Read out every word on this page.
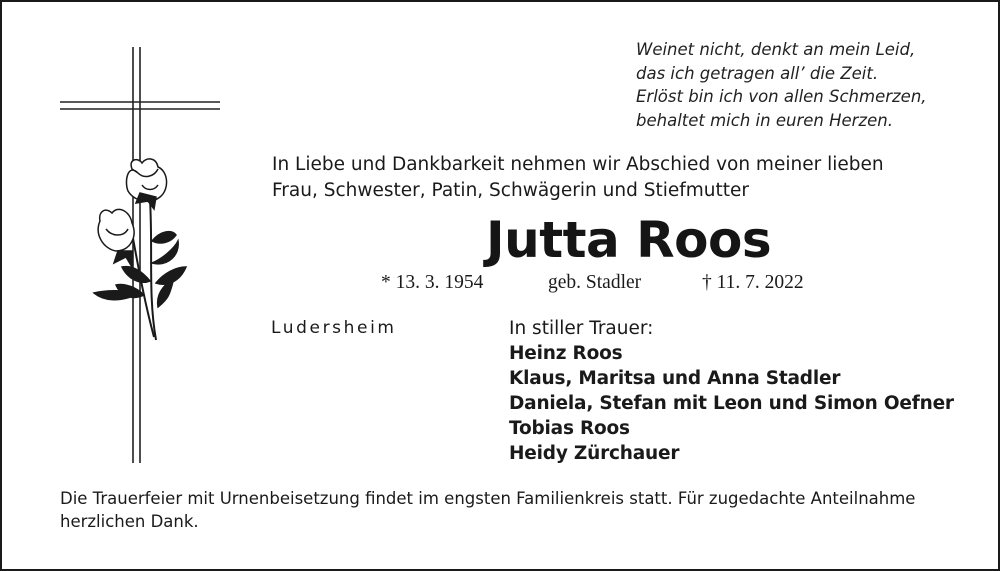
Weinet nicht, denkt an mein Leid,
das ich getragen all’ die Zeit.
Erlöst bin ich von allen Schmerzen,
behaltet mich in euren Herzen.
In Liebe und Dankbarkeit nehmen wir Abschied von meiner lieben
Frau, Schwester, Patin, Schwägerin und Stiefmutter
Jutta Roos
* 13. 3. 1954	geb. Stadler	† 11. 7. 2022
Ludersheim	In stiller Trauer:
Heinz Roos
Klaus, Maritsa und Anna Stadler
Daniela, Stefan mit Leon und Simon Oefner
Tobias Roos
Heidy Zürchauer
Die Trauerfeier mit Urnenbeisetzung findet im engsten Familienkreis statt. Für zugedachte Anteilnahme
herzlichen Dank.
